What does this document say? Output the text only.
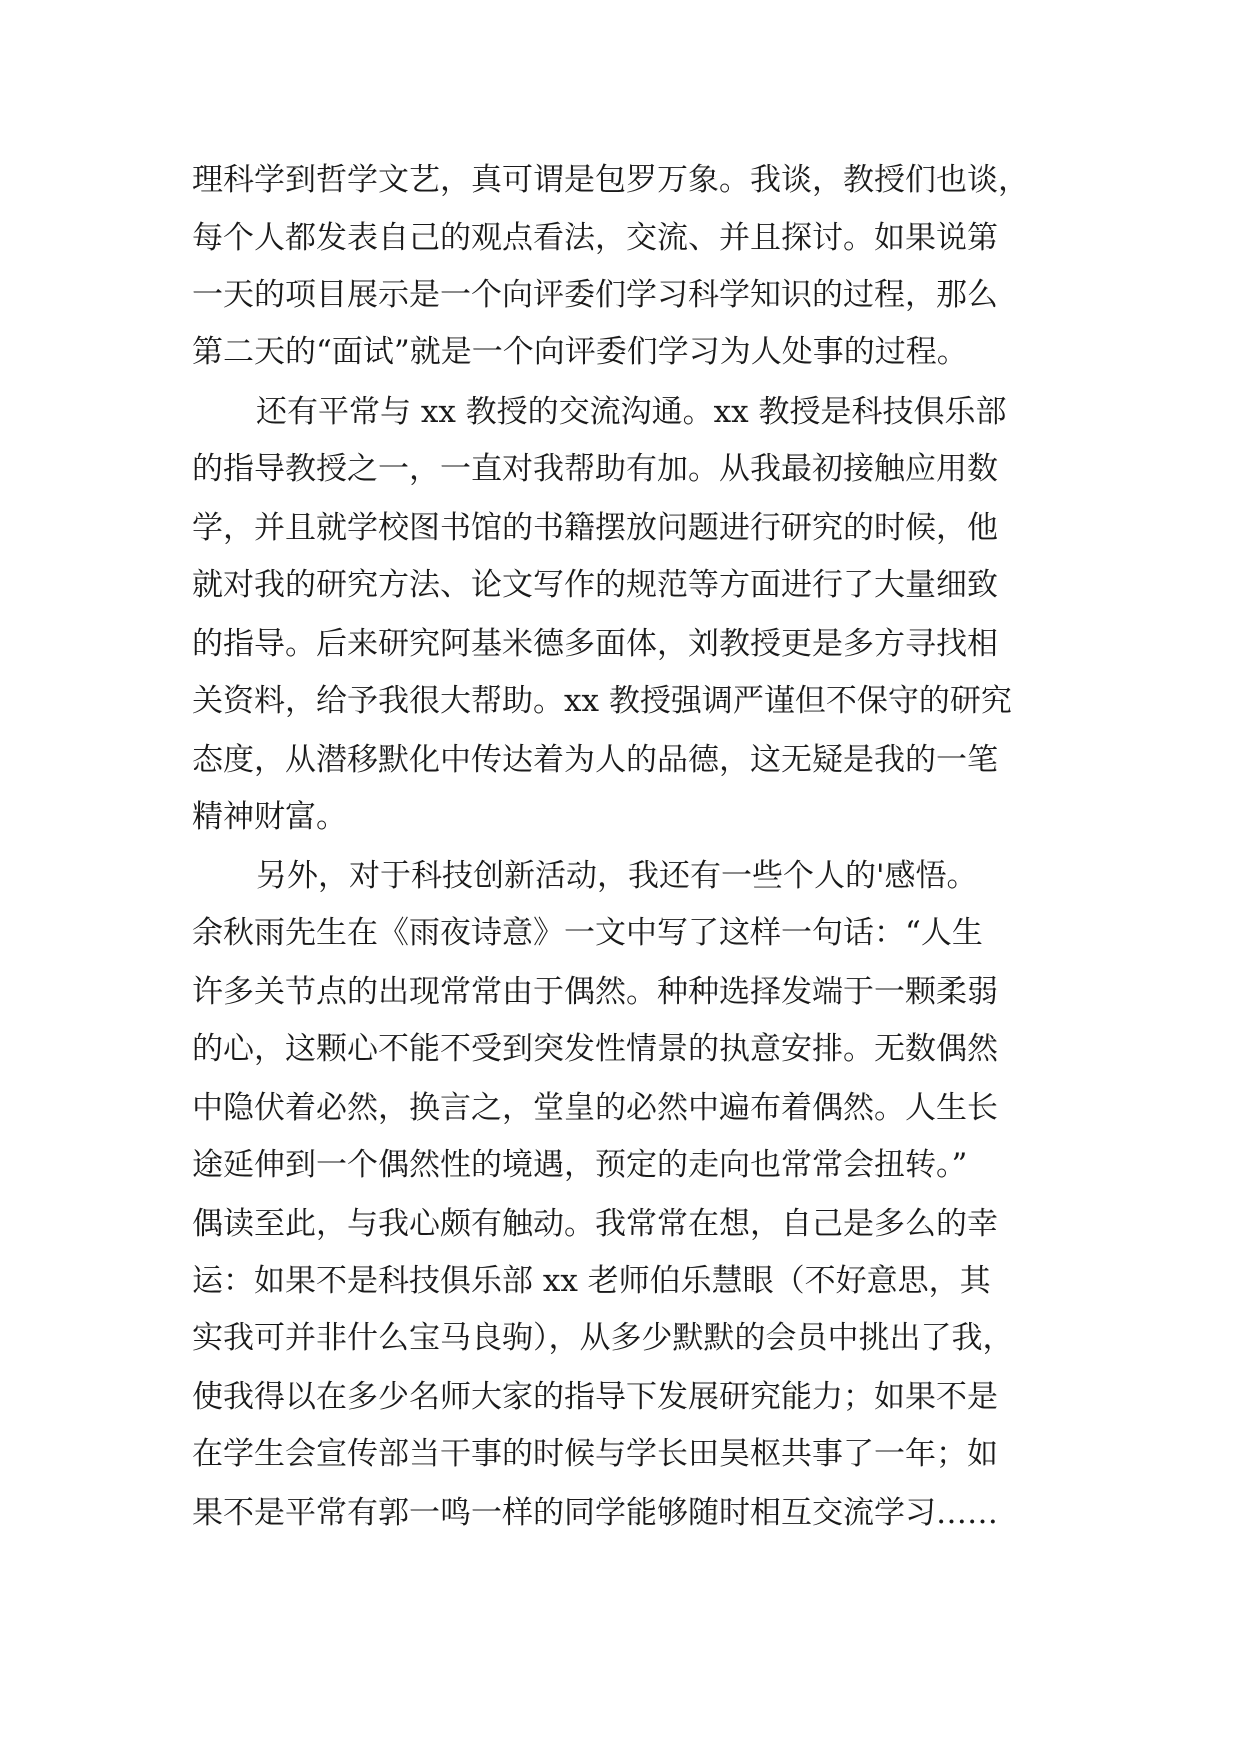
理科学到哲学文艺，真可谓是包罗万象。我谈，教授们也谈，
每个人都发表自己的观点看法，交流、并且探讨。如果说第
一天的项目展示是一个向评委们学习科学知识的过程，那么
第二天的“面试”就是一个向评委们学习为人处事的过程。
还有平常与 xx 教授的交流沟通。xx 教授是科技俱乐部
的指导教授之一，一直对我帮助有加。从我最初接触应用数
学，并且就学校图书馆的书籍摆放问题进行研究的时候，他
就对我的研究方法、论文写作的规范等方面进行了大量细致
的指导。后来研究阿基米德多面体，刘教授更是多方寻找相
关资料，给予我很大帮助。xx 教授强调严谨但不保守的研究
态度，从潜移默化中传达着为人的品德，这无疑是我的一笔
精神财富。
另外，对于科技创新活动，我还有一些个人的'感悟。
余秋雨先生在《雨夜诗意》一文中写了这样一句话：“人生
许多关节点的出现常常由于偶然。种种选择发端于一颗柔弱
的心，这颗心不能不受到突发性情景的执意安排。无数偶然
中隐伏着必然，换言之，堂皇的必然中遍布着偶然。人生长
途延伸到一个偶然性的境遇，预定的走向也常常会扭转。”
偶读至此，与我心颇有触动。我常常在想，自己是多么的幸
运：如果不是科技俱乐部 xx 老师伯乐慧眼（不好意思，其
实我可并非什么宝马良驹），从多少默默的会员中挑出了我，
使我得以在多少名师大家的指导下发展研究能力；如果不是
在学生会宣传部当干事的时候与学长田昊枢共事了一年；如
果不是平常有郭一鸣一样的同学能够随时相互交流学习……
